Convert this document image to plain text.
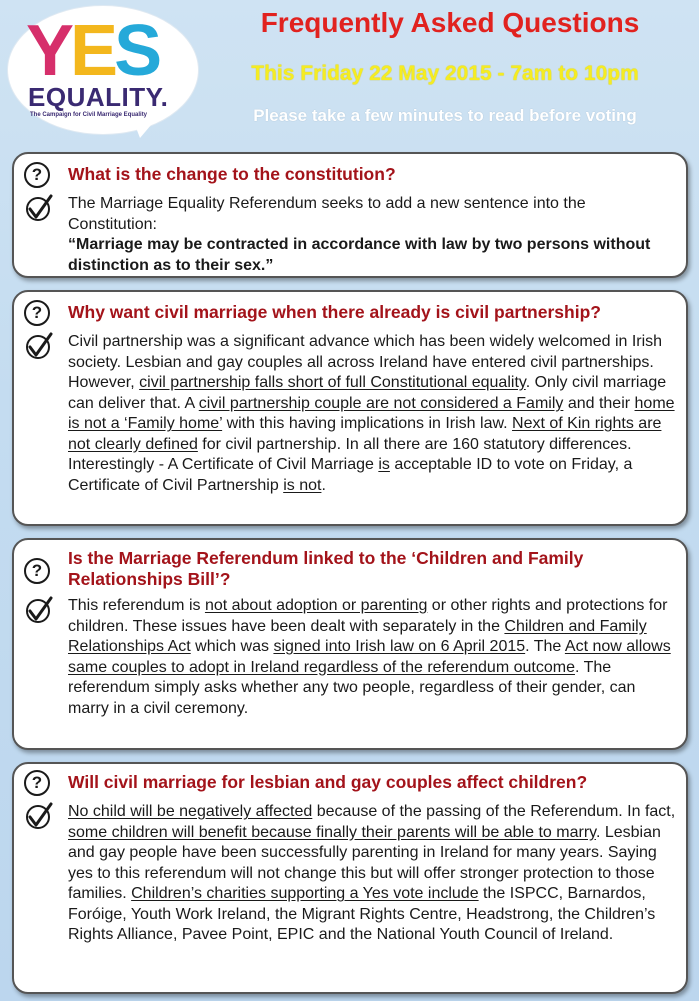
YES
EQUALITY.
The Campaign for Civil Marriage Equality
Frequently Asked Questions
This Friday 22 May 2015 - 7am to 10pm
Please take a few minutes to read before voting
?	What is the change to the constitution?
The Marriage Equality Referendum seeks to add a new sentence into the Constitution:
“Marriage may be contracted in accordance with law by two persons without distinction as to their sex.”
?	Why want civil marriage when there already is civil partnership?
Civil partnership was a significant advance which has been widely welcomed in Irish society. Lesbian and gay couples all across Ireland have entered civil partnerships. However, civil partnership falls short of full Constitutional equality. Only civil marriage can deliver that. A civil partnership couple are not considered a Family and their home is not a ‘Family home’ with this having implications in Irish law. Next of Kin rights are not clearly defined for civil partnership. In all there are 160 statutory differences. Interestingly - A Certificate of Civil Marriage is acceptable ID to vote on Friday, a Certificate of Civil Partnership is not.
?
Is the Marriage Referendum linked to the ‘Children and Family Relationships Bill’?
This referendum is not about adoption or parenting or other rights and protections for children. These issues have been dealt with separately in the Children and Family Relationships Act which was signed into Irish law on 6 April 2015. The Act now allows same couples to adopt in Ireland regardless of the referendum outcome. The referendum simply asks whether any two people, regardless of their gender, can marry in a civil ceremony.
?	Will civil marriage for lesbian and gay couples affect children?
No child will be negatively affected because of the passing of the Referendum. In fact, some children will benefit because finally their parents will be able to marry. Lesbian and gay people have been successfully parenting in Ireland for many years. Saying yes to this referendum will not change this but will offer stronger protection to those families. Children’s charities supporting a Yes vote include the ISPCC, Barnardos, Foróige, Youth Work Ireland, the Migrant Rights Centre, Headstrong, the Children’s Rights Alliance, Pavee Point, EPIC and the National Youth Council of Ireland.
